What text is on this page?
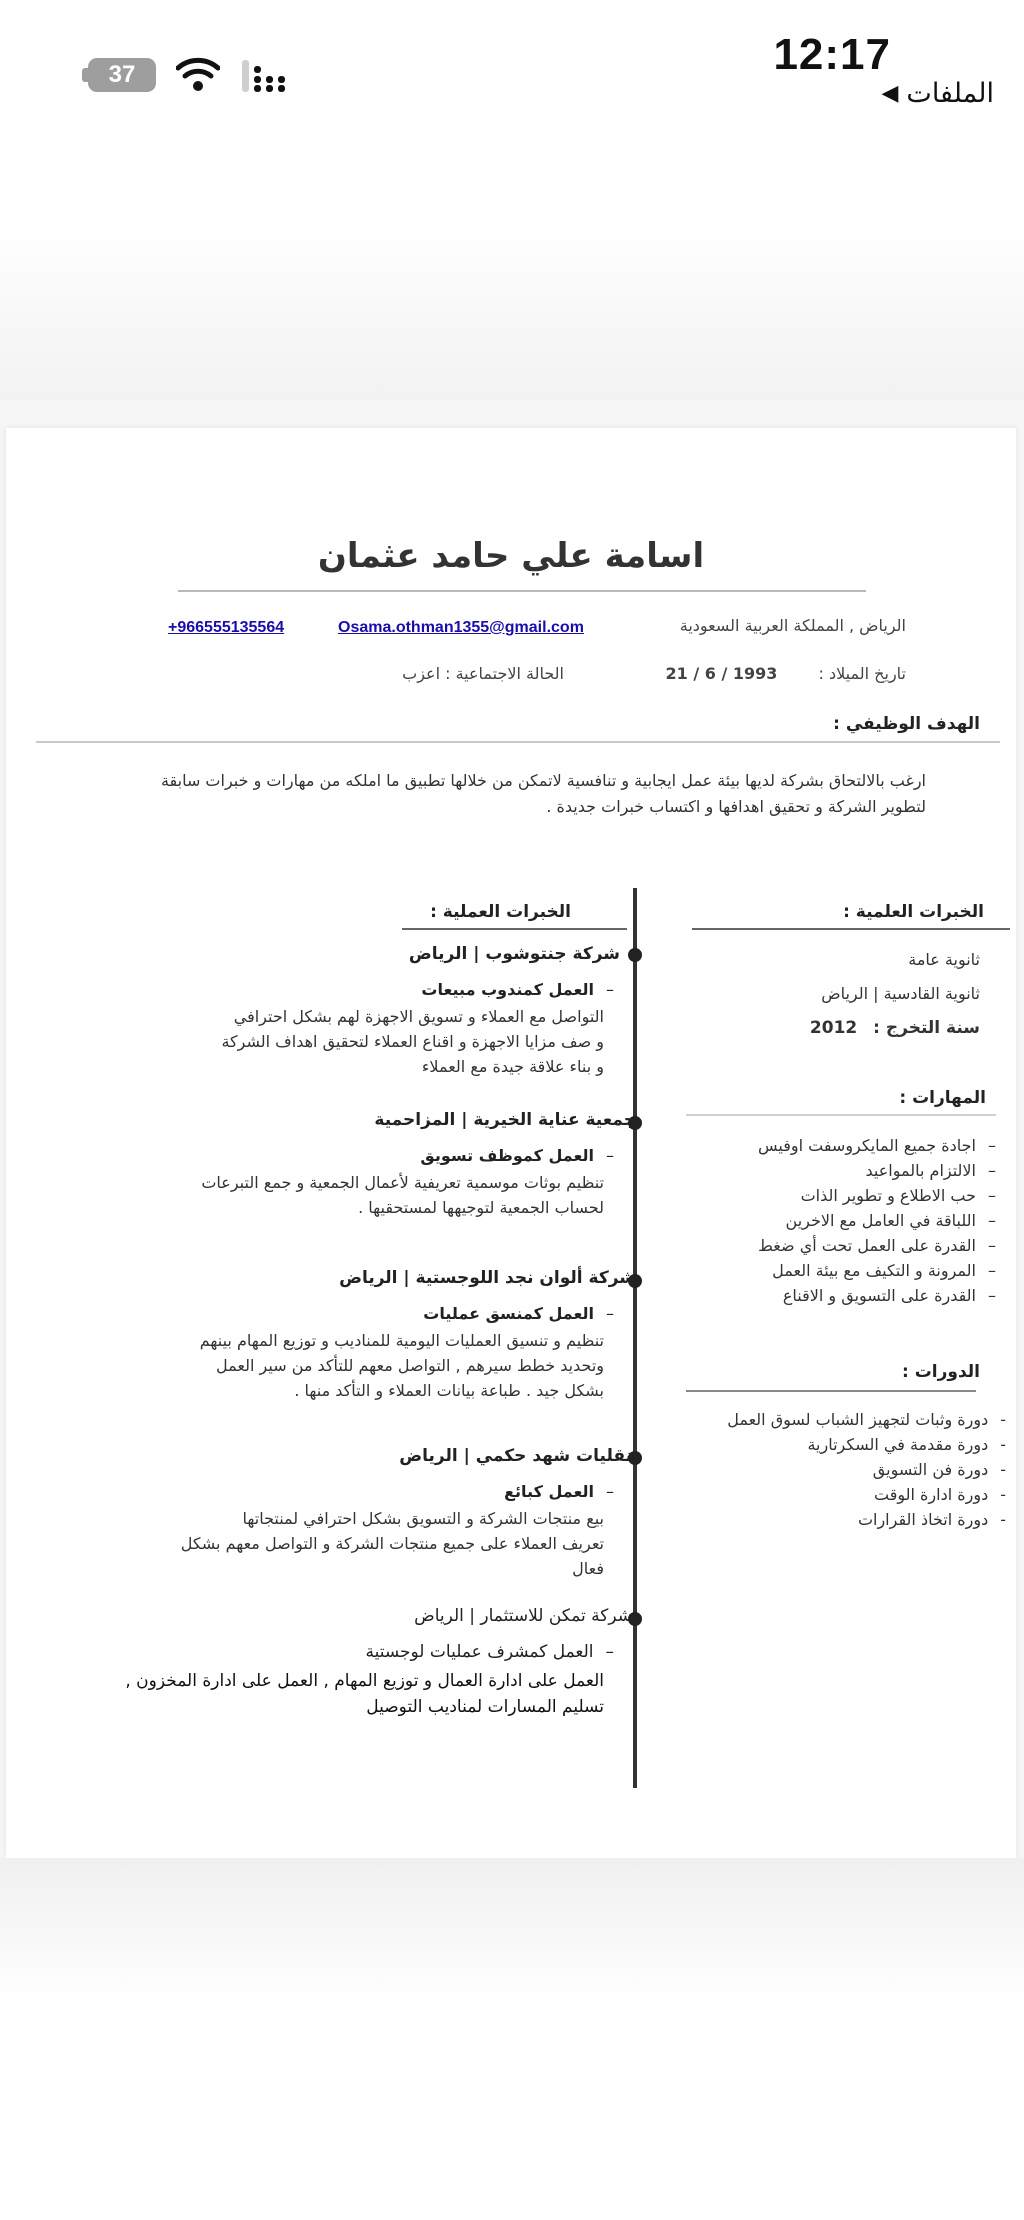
12:17
الملفات
◀
37
اسامة علي حامد عثمان
الرياض , المملكة العربية السعودية
Osama.othman1355@gmail.com
+966555135564
تاريخ الميلاد : 21 / 6 / 1993
الحالة الاجتماعية : اعزب
الهدف الوظيفي :
ارغب بالالتحاق بشركة لديها بيئة عمل ايجابية و تنافسية لاتمكن من خلالها تطبيق ما املكه من مهارات و خبرات سابقة لتطوير الشركة و تحقيق اهدافها و اكتساب خبرات جديدة .
الخبرات العملية :
شركة جنتوشوب | الرياض
–العمل كمندوب مبيعات
التواصل مع العملاء و تسويق الاجهزة لهم بشكل احترافي
و صف مزايا الاجهزة و اقناع العملاء لتحقيق اهداف الشركة
و بناء علاقة جيدة مع العملاء
جمعية عناية الخيرية | المزاحمية
–العمل كموظف تسويق
تنظيم بوثات موسمية تعريفية لأعمال الجمعية و جمع التبرعات
لحساب الجمعية لتوجيهها لمستحقيها .
شركة ألوان نجد اللوجستية | الرياض
–العمل كمنسق عمليات
تنظيم و تنسيق العمليات اليومية للمناديب و توزيع المهام بينهم
وتحديد خطط سيرهم , التواصل معهم للتأكد من سير العمل
بشكل جيد . طباعة بيانات العملاء و التأكد منها .
نقليات شهد حكمي | الرياض
–العمل كبائع
بيع منتجات الشركة و التسويق بشكل احترافي لمنتجاتها
تعريف العملاء على جميع منتجات الشركة و التواصل معهم بشكل
فعال
شركة تمكن للاستثمار | الرياض
–العمل كمشرف عمليات لوجستية
العمل على ادارة العمال و توزيع المهام , العمل على ادارة المخزون ,
تسليم المسارات لمناديب التوصيل
الخبرات العلمية :
ثانوية عامة
ثانوية القادسية | الرياض
سنة التخرج : 2012
المهارات :
–اجادة جميع المايكروسفت اوفيس
–الالتزام بالمواعيد
–حب الاطلاع و تطوير الذات
–اللباقة في العامل مع الاخرين
–القدرة على العمل تحت أي ضغط
–المرونة و التكيف مع بيئة العمل
–القدرة على التسويق و الاقناع
الدورات :
-دورة وثبات لتجهيز الشباب لسوق العمل
-دورة مقدمة في السكرتارية
-دورة فن التسويق
-دورة ادارة الوقت
-دورة اتخاذ القرارات
